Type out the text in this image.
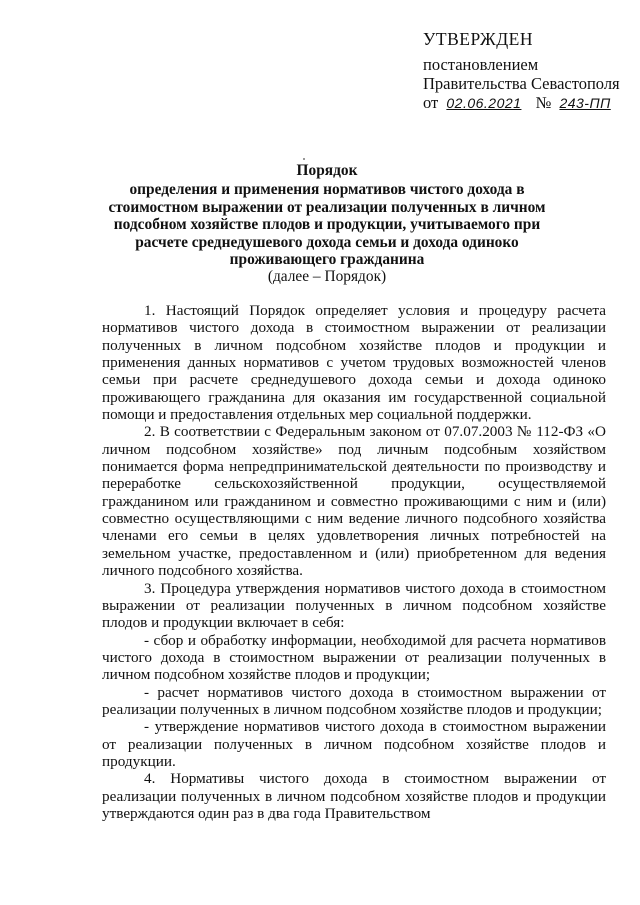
УТВЕРЖДЕН
постановлением
Правительства Севастополя
от 02.06.2021 № 243-ПП
Порядок
определения и применения нормативов чистого дохода в стоимостном выражении от реализации полученных в личном подсобном хозяйстве плодов и продукции, учитываемого при расчете среднедушевого дохода семьи и дохода одиноко проживающего гражданина
(далее – Порядок)

1. Настоящий Порядок определяет условия и процедуру расчета нормативов чистого дохода в стоимостном выражении от реализации полученных в личном подсобном хозяйстве плодов и продукции и применения данных нормативов с учетом трудовых возможностей членов семьи при расчете среднедушевого дохода семьи и дохода одиноко проживающего гражданина для оказания им государственной социальной помощи и предоставления отдельных мер социальной поддержки.

2. В соответствии с Федеральным законом от 07.07.2003 № 112-ФЗ «О личном подсобном хозяйстве» под личным подсобным хозяйством понимается форма непредпринимательской деятельности по производству и переработке сельскохозяйственной продукции, осуществляемой гражданином или гражданином и совместно проживающими с ним и (или) совместно осуществляющими с ним ведение личного подсобного хозяйства членами его семьи в целях удовлетворения личных потребностей на земельном участке, предоставленном и (или) приобретенном для ведения личного подсобного хозяйства.

3. Процедура утверждения нормативов чистого дохода в стоимостном выражении от реализации полученных в личном подсобном хозяйстве плодов и продукции включает в себя:

- сбор и обработку информации, необходимой для расчета нормативов чистого дохода в стоимостном выражении от реализации полученных в личном подсобном хозяйстве плодов и продукции;

- расчет нормативов чистого дохода в стоимостном выражении от реализации полученных в личном подсобном хозяйстве плодов и продукции;

- утверждение нормативов чистого дохода в стоимостном выражении от реализации полученных в личном подсобном хозяйстве плодов и продукции.

4. Нормативы чистого дохода в стоимостном выражении от реализации полученных в личном подсобном хозяйстве плодов и продукции утверждаются один раз в два года Правительством
